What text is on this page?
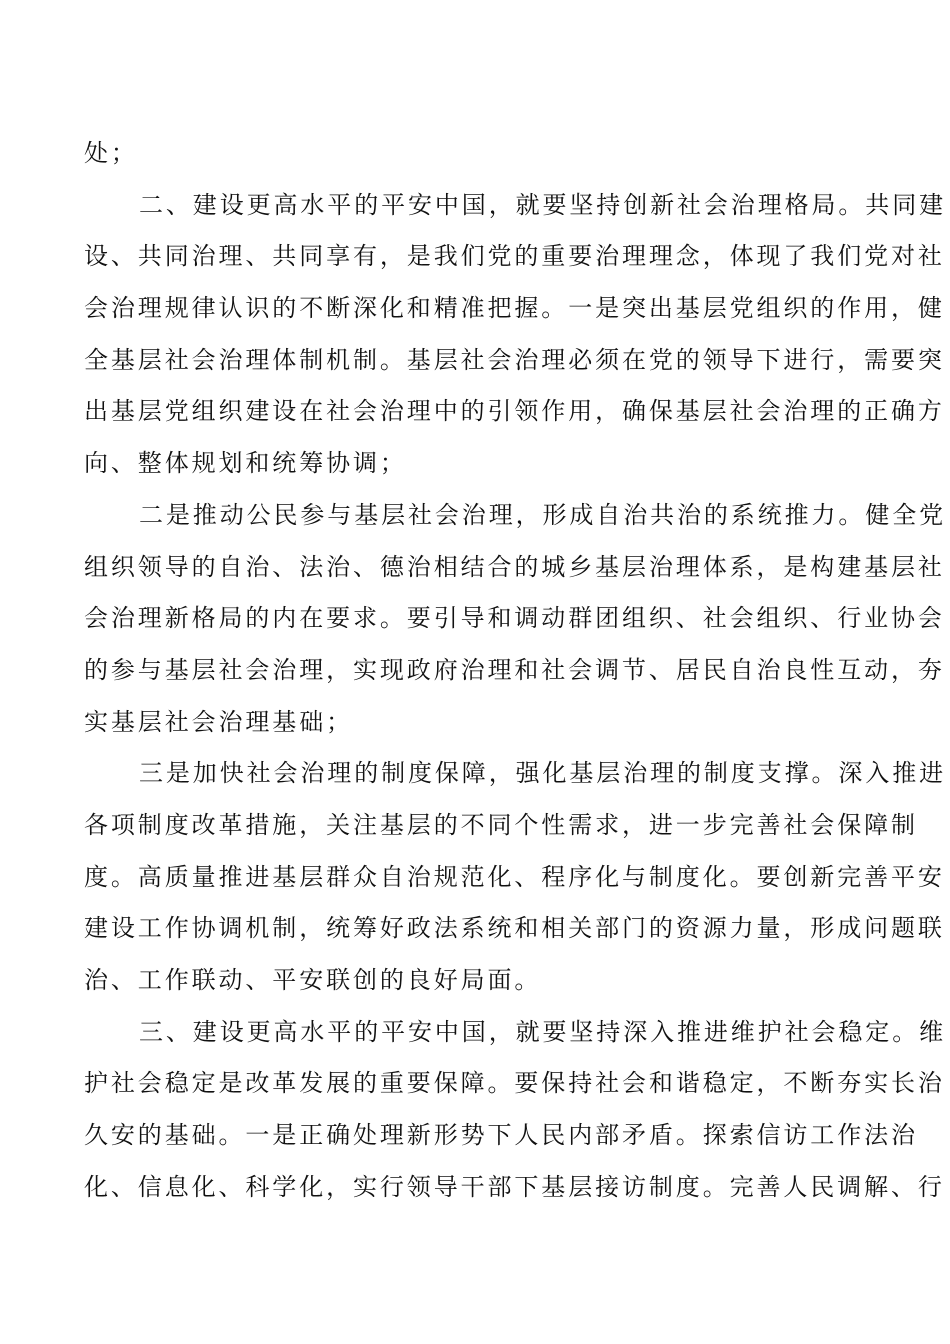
处；
二、建设更高水平的平安中国，就要坚持创新社会治理格局。共同建
设、共同治理、共同享有，是我们党的重要治理理念，体现了我们党对社
会治理规律认识的不断深化和精准把握。一是突出基层党组织的作用，健
全基层社会治理体制机制。基层社会治理必须在党的领导下进行，需要突
出基层党组织建设在社会治理中的引领作用，确保基层社会治理的正确方
向、整体规划和统筹协调；
二是推动公民参与基层社会治理，形成自治共治的系统推力。健全党
组织领导的自治、法治、德治相结合的城乡基层治理体系，是构建基层社
会治理新格局的内在要求。要引导和调动群团组织、社会组织、行业协会
的参与基层社会治理，实现政府治理和社会调节、居民自治良性互动，夯
实基层社会治理基础；
三是加快社会治理的制度保障，强化基层治理的制度支撑。深入推进
各项制度改革措施，关注基层的不同个性需求，进一步完善社会保障制
度。高质量推进基层群众自治规范化、程序化与制度化。要创新完善平安
建设工作协调机制，统筹好政法系统和相关部门的资源力量，形成问题联
治、工作联动、平安联创的良好局面。
三、建设更高水平的平安中国，就要坚持深入推进维护社会稳定。维
护社会稳定是改革发展的重要保障。要保持社会和谐稳定，不断夯实长治
久安的基础。一是正确处理新形势下人民内部矛盾。探索信访工作法治
化、信息化、科学化，实行领导干部下基层接访制度。完善人民调解、行
